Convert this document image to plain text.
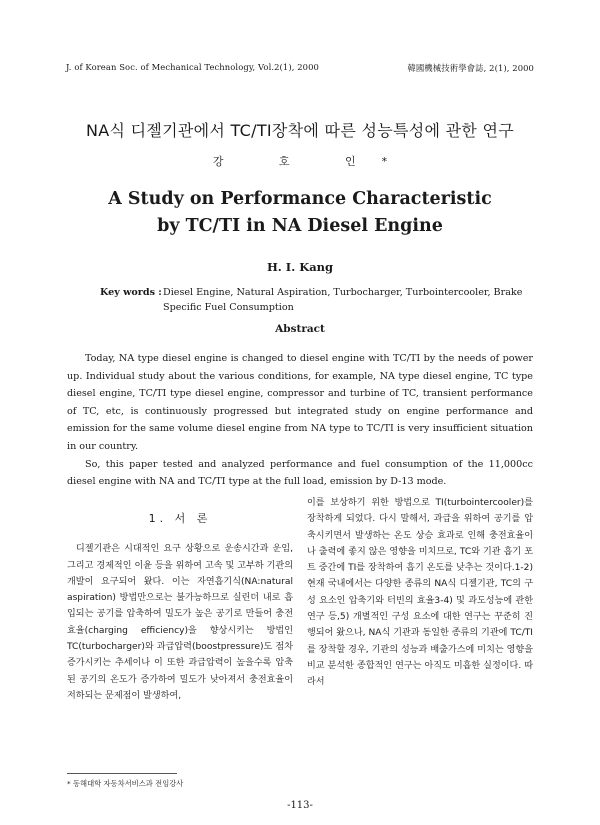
J. of Korean Soc. of Mechanical Technology, Vol.2(1), 2000	韓國機械技術學會誌, 2(1), 2000
NA식 디젤기관에서 TC/TI장착에 따른 성능특성에 관한 연구
강 호 인*
A Study on Performance Characteristic
by TC/TI in NA Diesel Engine
H. I. Kang
Key words : Diesel Engine, Natural Aspiration, Turbocharger, Turbointercooler, Brake Specific Fuel Consumption
Abstract

Today, NA type diesel engine is changed to diesel engine with TC/TI by the needs of power up. Individual study about the various conditions, for example, NA type diesel engine, TC type diesel engine, TC/TI type diesel engine, compressor and turbine of TC, transient performance of TC, etc, is continuously progressed but integrated study on engine performance and emission for the same volume diesel engine from NA type to TC/TI is very insufficient situation in our country.

So, this paper tested and analyzed performance and fuel consumption of the 11,000cc diesel engine with NA and TC/TI type at the full load, emission by D-13 mode.

1. 서 론

디젤기관은 시대적인 요구 상황으로 운송시간과 운임, 그리고 경제적인 이윤 등을 위하여 고속 및 고부하 기관의 개발이 요구되어 왔다. 이는 자연흡기식(NA:natural aspiration) 방법만으로는 불가능하므로 실린더 내로 흡입되는 공기를 압축하여 밀도가 높은 공기로 만들어 충전효율(charging efficiency)을 향상시키는 방법인 TC(turbocharger)와 과급압력(boostpressure)도 점차 증가시키는 추세이나 이 또한 과급압력이 높을수록 압축된 공기의 온도가 증가하여 밀도가 낮아져서 충전효율이 저하되는 문제점이 발생하여,

이를 보상하기 위한 방법으로 TI(turbointercooler)를 장착하게 되었다. 다시 말해서, 과급을 위하여 공기를 압축시키면서 발생하는 온도 상승 효과로 인해 충전효율이나 출력에 좋지 않은 영향을 미치므로, TC와 기관 흡기 포트 중간에 TI를 장착하여 흡기 온도를 낮추는 것이다.1-2) 현재 국내에서는 다양한 종류의 NA식 디젤기관, TC의 구성 요소인 압축기와 터빈의 효율3-4) 및 과도성능에 관한 연구 등,5) 개별적인 구성 요소에 대한 연구는 꾸준히 진행되어 왔으나, NA식 기관과 동일한 종류의 기관에 TC/TI를 장착할 경우, 기관의 성능과 배출가스에 미치는 영향을 비교 분석한 종합적인 연구는 아직도 미흡한 실정이다. 따라서

* 동해대학 자동차서비스과 전임강사
-113-
